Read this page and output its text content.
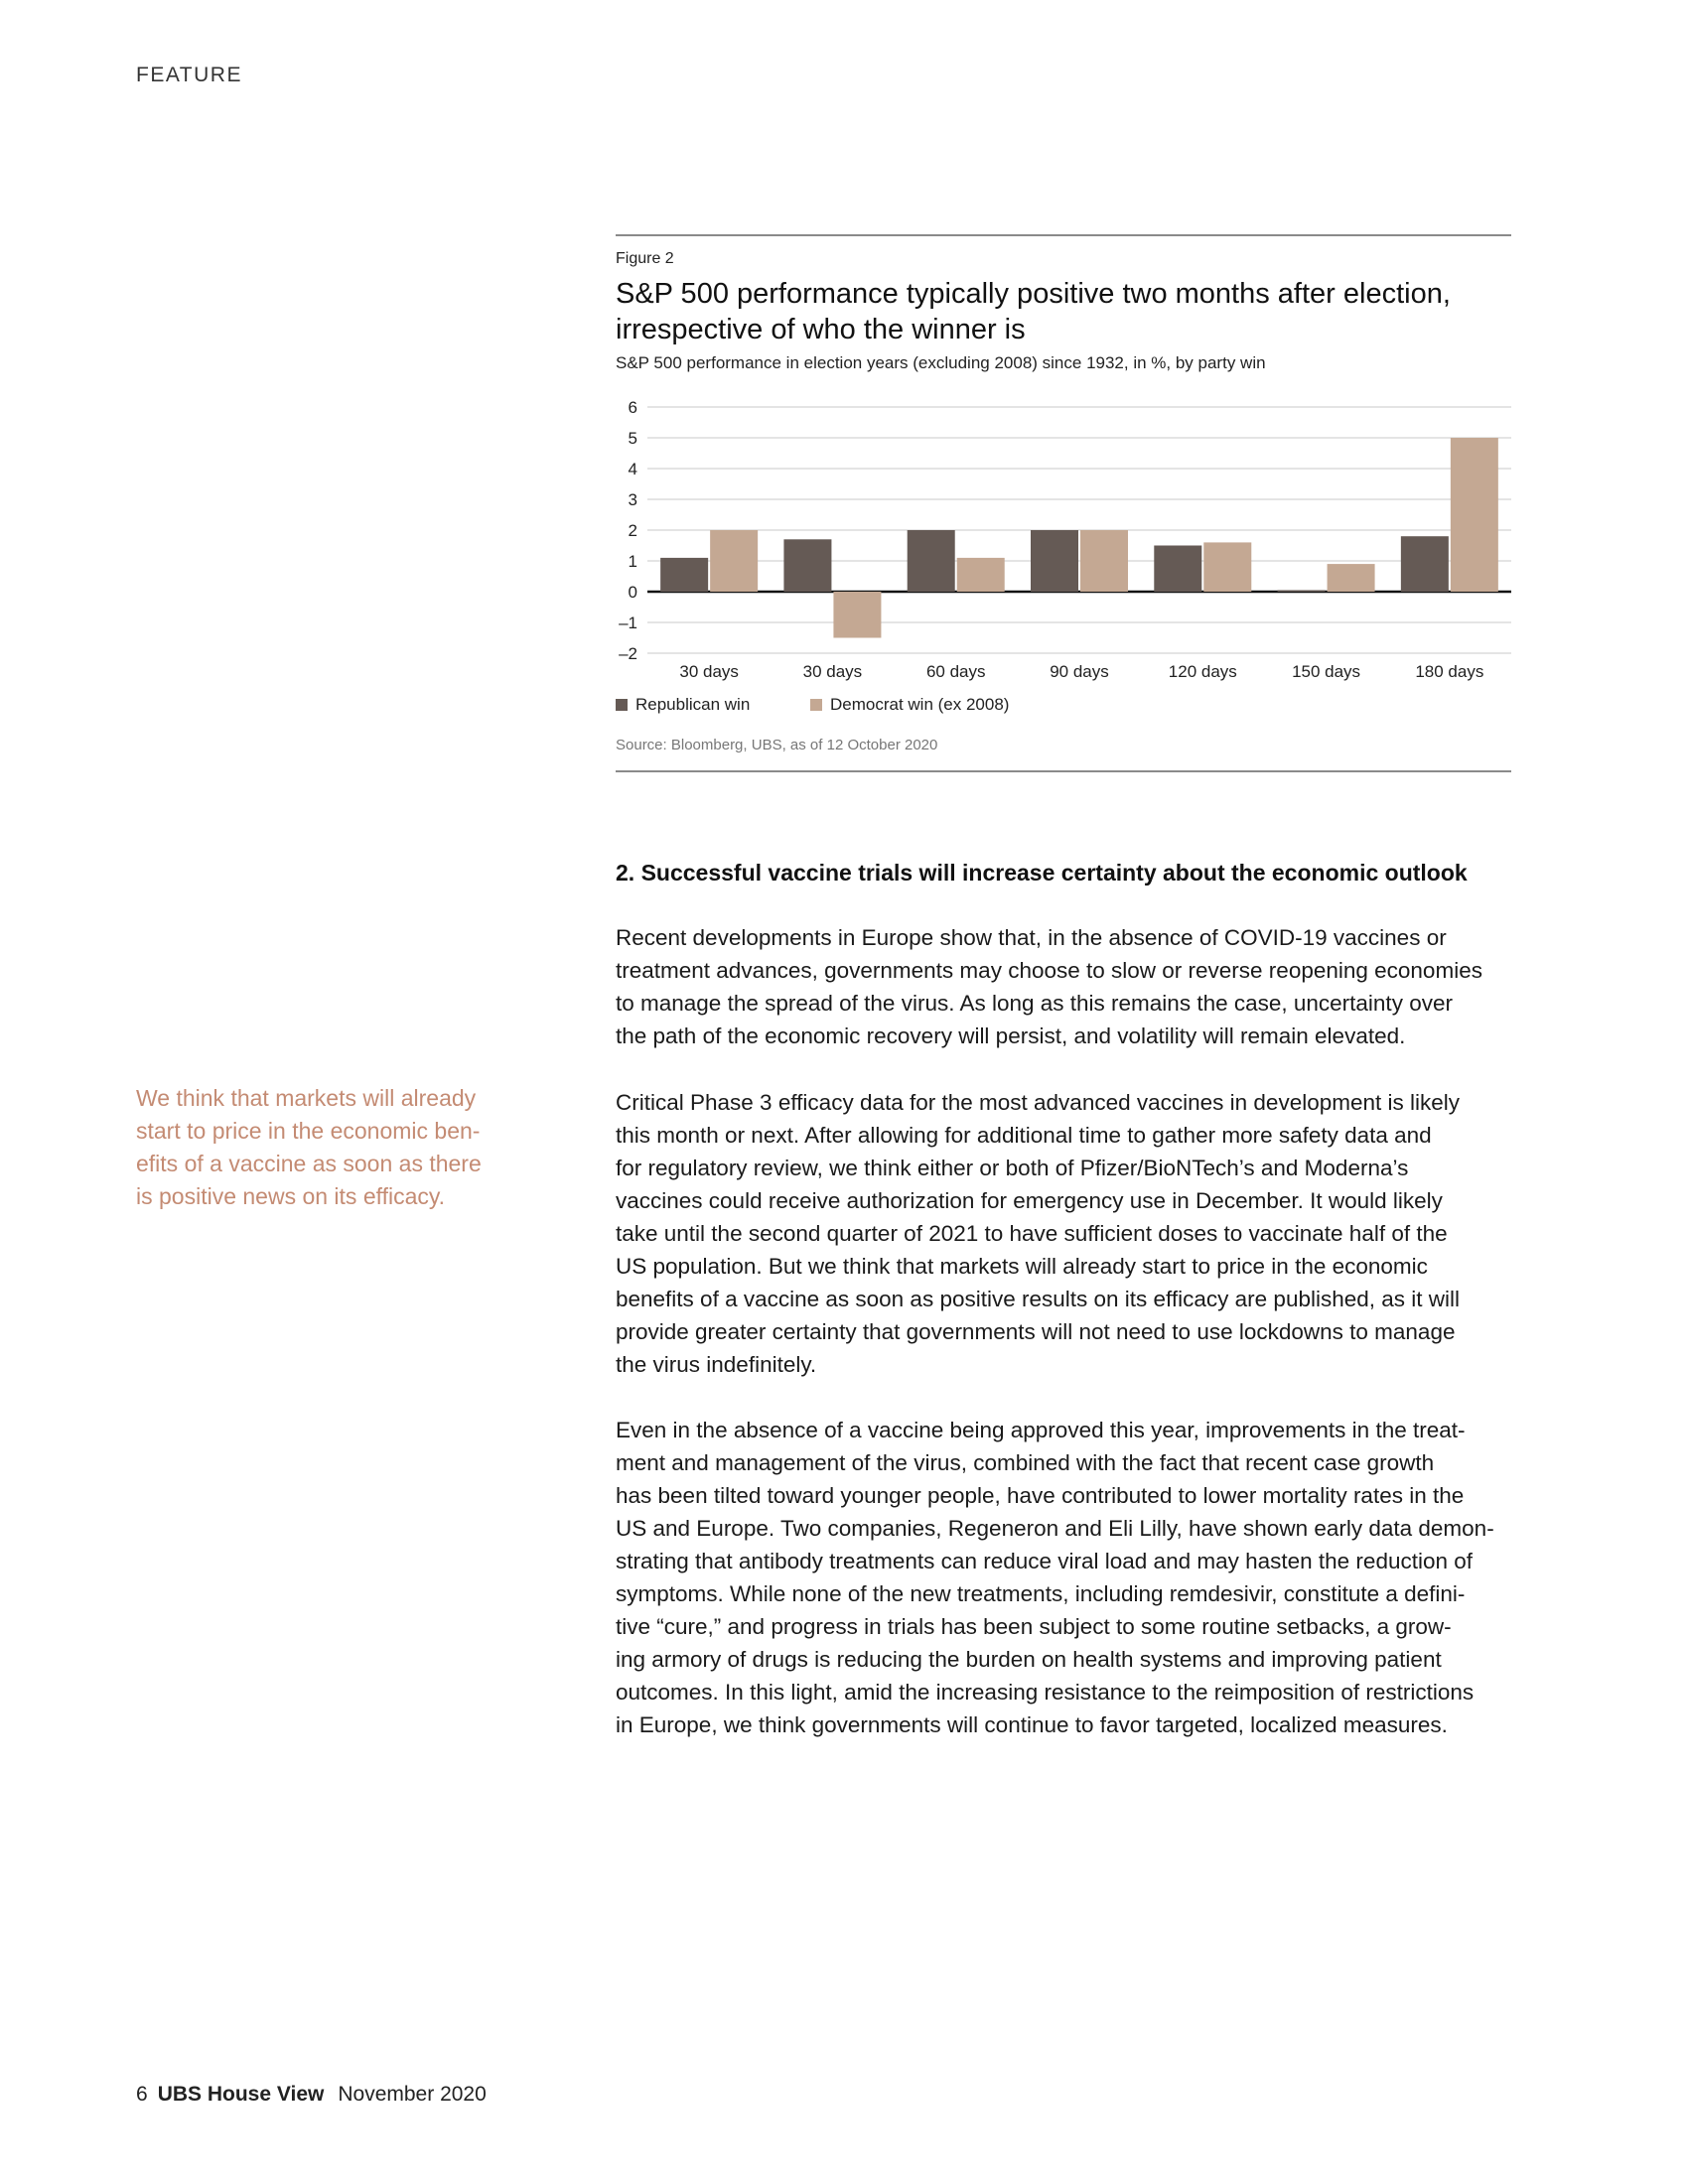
FEATURE
Figure 2
S&P 500 performance typically positive two months after election,
irrespective of who the winner is
S&P 500 performance in election years (excluding 2008) since 1932, in %, by party win
6
5
4
3
2
1
0
–1
–2
30 days	30 days	60 days	90 days	120 days	150 days	180 days
Republican win	Democrat win (ex 2008)
Source: Bloomberg, UBS, as of 12 October 2020
2. Successful vaccine trials will increase certainty about the economic outlook

Recent developments in Europe show that, in the absence of COVID-19 vaccines or
treatment advances, governments may choose to slow or reverse reopening economies
to manage the spread of the virus. As long as this remains the case, uncertainty over
the path of the economic recovery will persist, and volatility will remain elevated.

Critical Phase 3 efficacy data for the most advanced vaccines in development is likely
this month or next. After allowing for additional time to gather more safety data and
for regulatory review, we think either or both of Pfizer/BioNTech’s and Moderna’s
vaccines could receive authorization for emergency use in December. It would likely
take until the second quarter of 2021 to have sufficient doses to vaccinate half of the
US population. But we think that markets will already start to price in the economic
benefits of a vaccine as soon as positive results on its efficacy are published, as it will
provide greater certainty that governments will not need to use lockdowns to manage
the virus indefinitely.

Even in the absence of a vaccine being approved this year, improvements in the treat-
ment and management of the virus, combined with the fact that recent case growth
has been tilted toward younger people, have contributed to lower mortality rates in the
US and Europe. Two companies, Regeneron and Eli Lilly, have shown early data demon-
strating that antibody treatments can reduce viral load and may hasten the reduction of
symptoms. While none of the new treatments, including remdesivir, constitute a defini-
tive “cure,” and progress in trials has been subject to some routine setbacks, a grow-
ing armory of drugs is reducing the burden on health systems and improving patient
outcomes. In this light, amid the increasing resistance to the reimposition of restrictions
in Europe, we think governments will continue to favor targeted, localized measures.

We think that markets will already
start to price in the economic ben-
efits of a vaccine as soon as there
is positive news on its efficacy.

6 UBS House View November 2020
